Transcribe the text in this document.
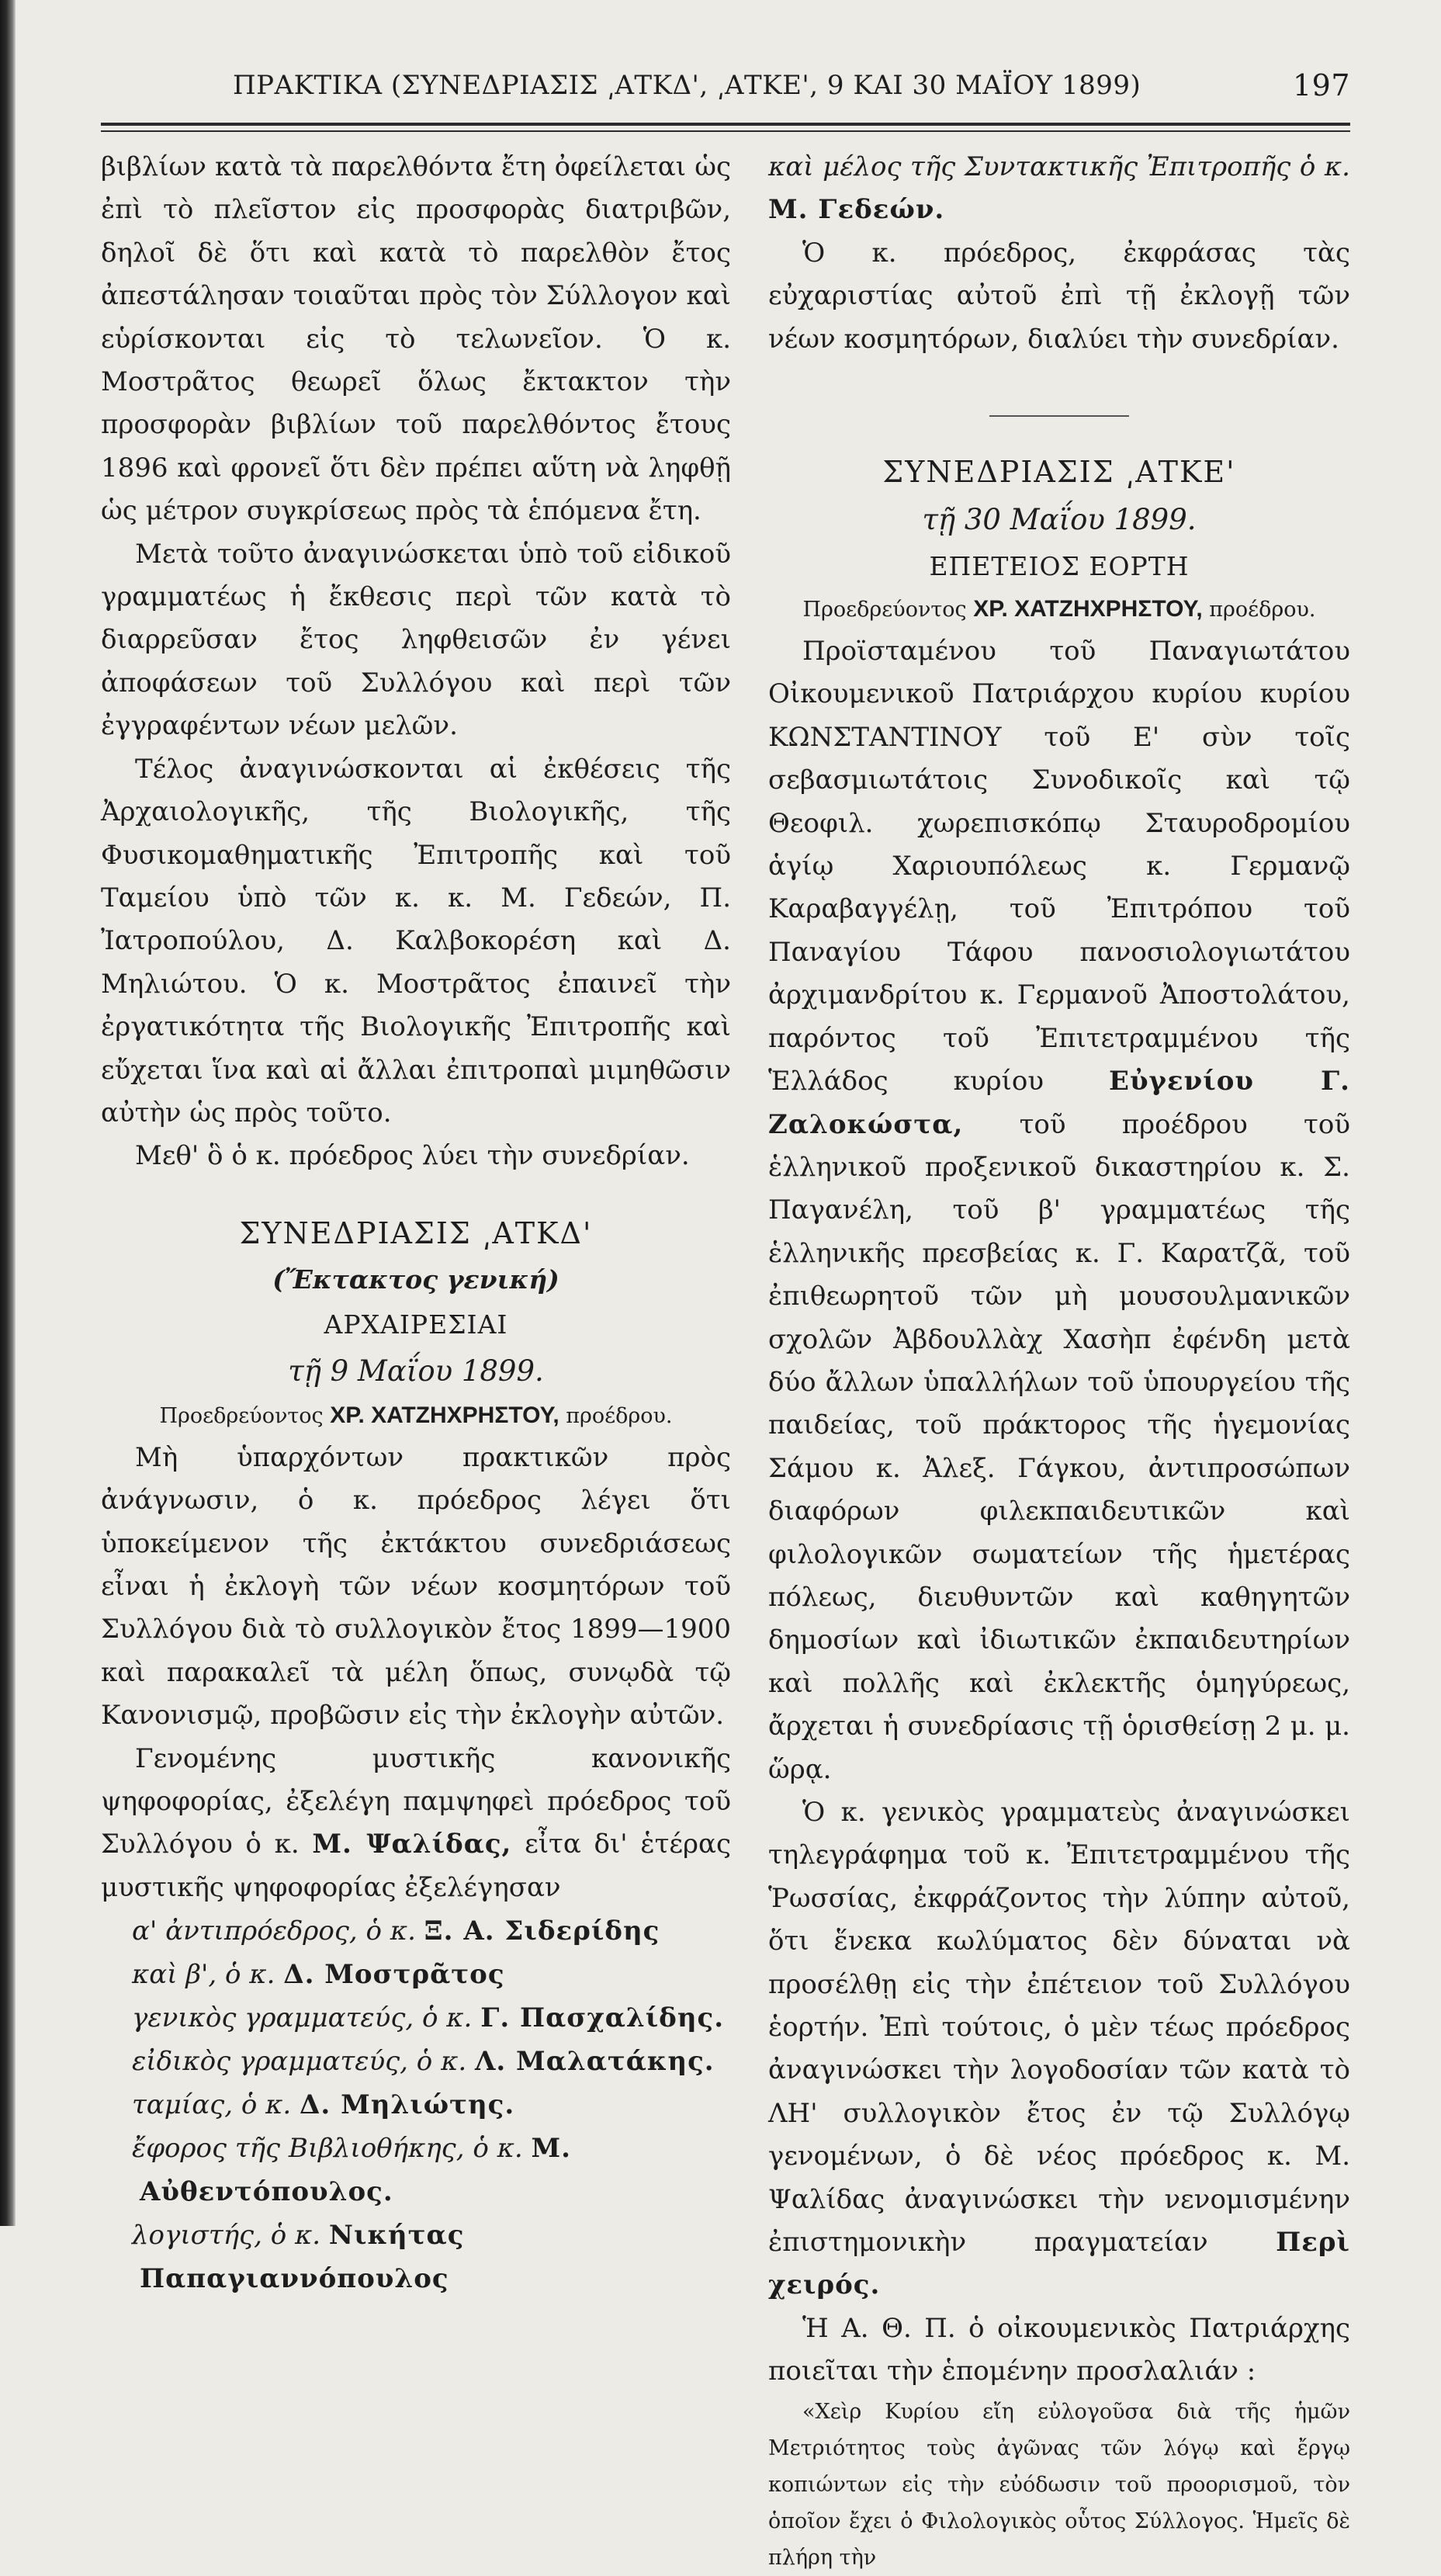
ΠΡΑΚΤΙΚΑ (ΣΥΝΕΔΡΙΑΣΙΣ ͵ΑΤΚΔ', ͵ΑΤΚΕ', 9 ΚΑΙ 30 ΜΑΪΟΥ 1899)	197

βιβλίων κατὰ τὰ παρελθόντα ἔτη ὀφείλεται ὡς ἐπὶ τὸ πλεῖστον εἰς προσφορὰς διατριβῶν, δηλοῖ δὲ ὅτι καὶ κατὰ τὸ παρελθὸν ἔτος ἀπεστάλησαν τοιαῦται πρὸς τὸν Σύλλογον καὶ εὑρίσκονται εἰς τὸ τελωνεῖον. Ὁ κ. Μοστρᾶτος θεωρεῖ ὅλως ἔκτακτον τὴν προσφορὰν βιβλίων τοῦ παρελθόντος ἔτους 1896 καὶ φρονεῖ ὅτι δὲν πρέπει αὕτη νὰ ληφθῇ ὡς μέτρον συγκρίσεως πρὸς τὰ ἑπόμενα ἔτη.

Μετὰ τοῦτο ἀναγινώσκεται ὑπὸ τοῦ εἰδικοῦ γραμματέως ἡ ἔκθεσις περὶ τῶν κατὰ τὸ διαρρεῦσαν ἔτος ληφθεισῶν ἐν γένει ἀποφάσεων τοῦ Συλλόγου καὶ περὶ τῶν ἐγγραφέντων νέων μελῶν.

Τέλος ἀναγινώσκονται αἱ ἐκθέσεις τῆς Ἀρχαιολογικῆς, τῆς Βιολογικῆς, τῆς Φυσικομαθηματικῆς Ἐπιτροπῆς καὶ τοῦ Ταμείου ὑπὸ τῶν κ. κ. Μ. Γεδεών, Π. Ἰατροπούλου, Δ. Καλβοκορέση καὶ Δ. Μηλιώτου. Ὁ κ. Μοστρᾶτος ἐπαινεῖ τὴν ἐργατικότητα τῆς Βιολογικῆς Ἐπιτροπῆς καὶ εὔχεται ἵνα καὶ αἱ ἄλλαι ἐπιτροπαὶ μιμηθῶσιν αὐτὴν ὡς πρὸς τοῦτο.

Μεθ' ὃ ὁ κ. πρόεδρος λύει τὴν συνεδρίαν.

ΣΥΝΕΔΡΙΑΣΙΣ ͵ΑΤΚΔ'

(Ἔκτακτος γενική)

ΑΡΧΑΙΡΕΣΙΑΙ

τῇ 9 Μαΐου 1899.

Προεδρεύοντος ΧΡ. ΧΑΤΖΗΧΡΗΣΤΟΥ, προέδρου.

Μὴ ὑπαρχόντων πρακτικῶν πρὸς ἀνάγνωσιν, ὁ κ. πρόεδρος λέγει ὅτι ὑποκείμενον τῆς ἐκτάκτου συνεδριάσεως εἶναι ἡ ἐκλογὴ τῶν νέων κοσμητόρων τοῦ Συλλόγου διὰ τὸ συλλογικὸν ἔτος 1899—1900 καὶ παρακαλεῖ τὰ μέλη ὅπως, συνῳδὰ τῷ Κανονισμῷ, προβῶσιν εἰς τὴν ἐκλογὴν αὐτῶν.

Γενομένης μυστικῆς κανονικῆς ψηφοφορίας, ἐξελέγη παμψηφεὶ πρόεδρος τοῦ Συλλόγου ὁ κ. Μ. Ψαλίδας, εἶτα δι' ἑτέρας μυστικῆς ψηφοφορίας ἐξελέγησαν

α' ἀντιπρόεδρος, ὁ κ. Ξ. Α. Σιδερίδης

καὶ β', ὁ κ. Δ. Μοστρᾶτος

γενικὸς γραμματεύς, ὁ κ. Γ. Πασχαλίδης.

εἰδικὸς γραμματεύς, ὁ κ. Λ. Μαλατάκης.

ταμίας, ὁ κ. Δ. Μηλιώτης.

ἔφορος τῆς Βιβλιοθήκης, ὁ κ. Μ. Αὐθεντόπουλος.

λογιστής, ὁ κ. Νικήτας Παπαγιαννόπουλος

καὶ μέλος τῆς Συντακτικῆς Ἐπιτροπῆς ὁ κ. Μ. Γεδεών.

Ὁ κ. πρόεδρος, ἐκφράσας τὰς εὐχαριστίας αὐτοῦ ἐπὶ τῇ ἐκλογῇ τῶν νέων κοσμητόρων, διαλύει τὴν συνεδρίαν.

ΣΥΝΕΔΡΙΑΣΙΣ ͵ΑΤΚΕ'

τῇ 30 Μαΐου 1899.

ΕΠΕΤΕΙΟΣ ΕΟΡΤΗ

Προεδρεύοντος ΧΡ. ΧΑΤΖΗΧΡΗΣΤΟΥ, προέδρου.

Προϊσταμένου τοῦ Παναγιωτάτου Οἰκουμενικοῦ Πατριάρχου κυρίου κυρίου ΚΩΝΣΤΑΝΤΙΝΟΥ τοῦ Ε' σὺν τοῖς σεβασμιωτάτοις Συνοδικοῖς καὶ τῷ Θεοφιλ. χωρεπισκόπῳ Σταυροδρομίου ἁγίῳ Χαριουπόλεως κ. Γερμανῷ Καραβαγγέλῃ, τοῦ Ἐπιτρόπου τοῦ Παναγίου Τάφου πανοσιολογιωτάτου ἀρχιμανδρίτου κ. Γερμανοῦ Ἀποστολάτου, παρόντος τοῦ Ἐπιτετραμμένου τῆς Ἑλλάδος κυρίου Εὐγενίου Γ. Ζαλοκώστα, τοῦ προέδρου τοῦ ἑλληνικοῦ προξενικοῦ δικαστηρίου κ. Σ. Παγανέλη, τοῦ β' γραμματέως τῆς ἑλληνικῆς πρεσβείας κ. Γ. Καρατζᾶ, τοῦ ἐπιθεωρητοῦ τῶν μὴ μουσουλμανικῶν σχολῶν Ἀβδουλλὰχ Χασὴπ ἐφένδη μετὰ δύο ἄλλων ὑπαλλήλων τοῦ ὑπουργείου τῆς παιδείας, τοῦ πράκτορος τῆς ἡγεμονίας Σάμου κ. Ἀλεξ. Γάγκου, ἀντιπροσώπων διαφόρων φιλεκπαιδευτικῶν καὶ φιλολογικῶν σωματείων τῆς ἡμετέρας πόλεως, διευθυντῶν καὶ καθηγητῶν δημοσίων καὶ ἰδιωτικῶν ἐκπαιδευτηρίων καὶ πολλῆς καὶ ἐκλεκτῆς ὁμηγύρεως, ἄρχεται ἡ συνεδρίασις τῇ ὁρισθείσῃ 2 μ. μ. ὥρᾳ.

Ὁ κ. γενικὸς γραμματεὺς ἀναγινώσκει τηλεγράφημα τοῦ κ. Ἐπιτετραμμένου τῆς Ῥωσσίας, ἐκφράζοντος τὴν λύπην αὐτοῦ, ὅτι ἕνεκα κωλύματος δὲν δύναται νὰ προσέλθῃ εἰς τὴν ἐπέτειον τοῦ Συλλόγου ἑορτήν. Ἐπὶ τούτοις, ὁ μὲν τέως πρόεδρος ἀναγινώσκει τὴν λογοδοσίαν τῶν κατὰ τὸ ΛΗ' συλλογικὸν ἔτος ἐν τῷ Συλλόγῳ γενομένων, ὁ δὲ νέος πρόεδρος κ. Μ. Ψαλίδας ἀναγινώσκει τὴν νενομισμένην ἐπιστημονικὴν πραγματείαν	Περὶ χειρός.

Ἡ Α. Θ. Π. ὁ οἰκουμενικὸς Πατριάρχης ποιεῖται τὴν ἑπομένην προσλαλιάν :

«Χεὶρ Κυρίου εἴη εὐλογοῦσα διὰ τῆς ἡμῶν Μετριότητος τοὺς ἀγῶνας τῶν λόγῳ καὶ ἔργῳ κοπιώντων εἰς τὴν εὐόδωσιν τοῦ προορισμοῦ, τὸν ὁποῖον ἔχει ὁ Φιλολογικὸς οὗτος Σύλλογος. Ἡμεῖς δὲ πλήρη τὴν
